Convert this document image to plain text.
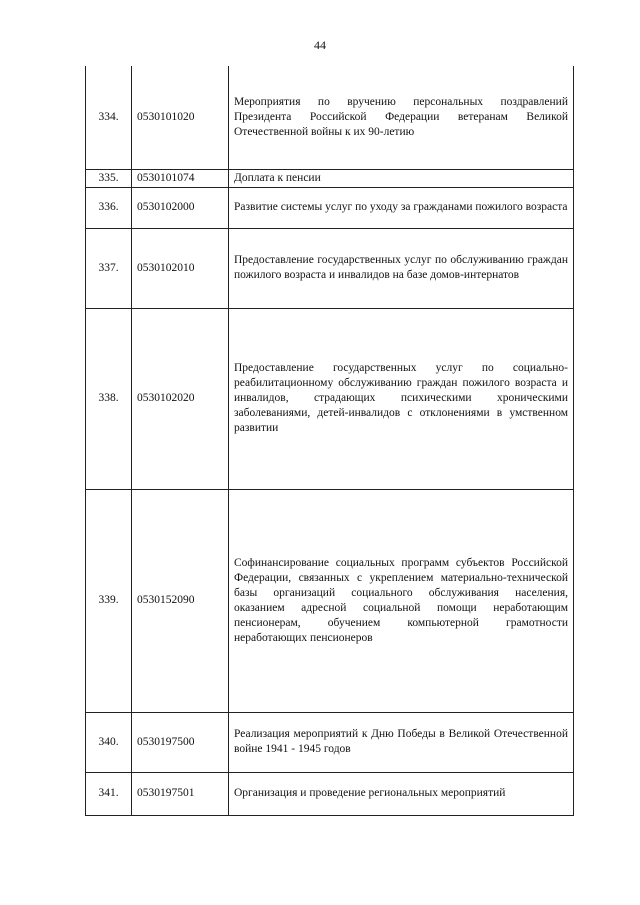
44
334.	0530101020	Мероприятия по вручению персональных поздравлений Президента Российской Федерации ветеранам Великой Отечественной войны к их 90-летию
335.	0530101074	Доплата к пенсии
336.	0530102000	Развитие системы услуг по уходу за гражданами пожилого возраста
337.	0530102010	Предоставление государственных услуг по обслуживанию граждан пожилого возраста и инвалидов на базе домов-интернатов
338.	0530102020	Предоставление государственных услуг по социально-реабилитационному обслуживанию граждан пожилого возраста и инвалидов, страдающих психическими хроническими заболеваниями, детей-инвалидов с отклонениями в умственном развитии
339.	0530152090	Софинансирование социальных программ субъектов Российской Федерации, связанных с укреплением материально-технической базы организаций социального обслуживания населения, оказанием адресной социальной помощи неработающим пенсионерам, обучением компьютерной грамотности неработающих пенсионеров
340.	0530197500	Реализация мероприятий к Дню Победы в Великой Отечественной войне 1941 - 1945 годов
341.	0530197501	Организация и проведение региональных мероприятий
